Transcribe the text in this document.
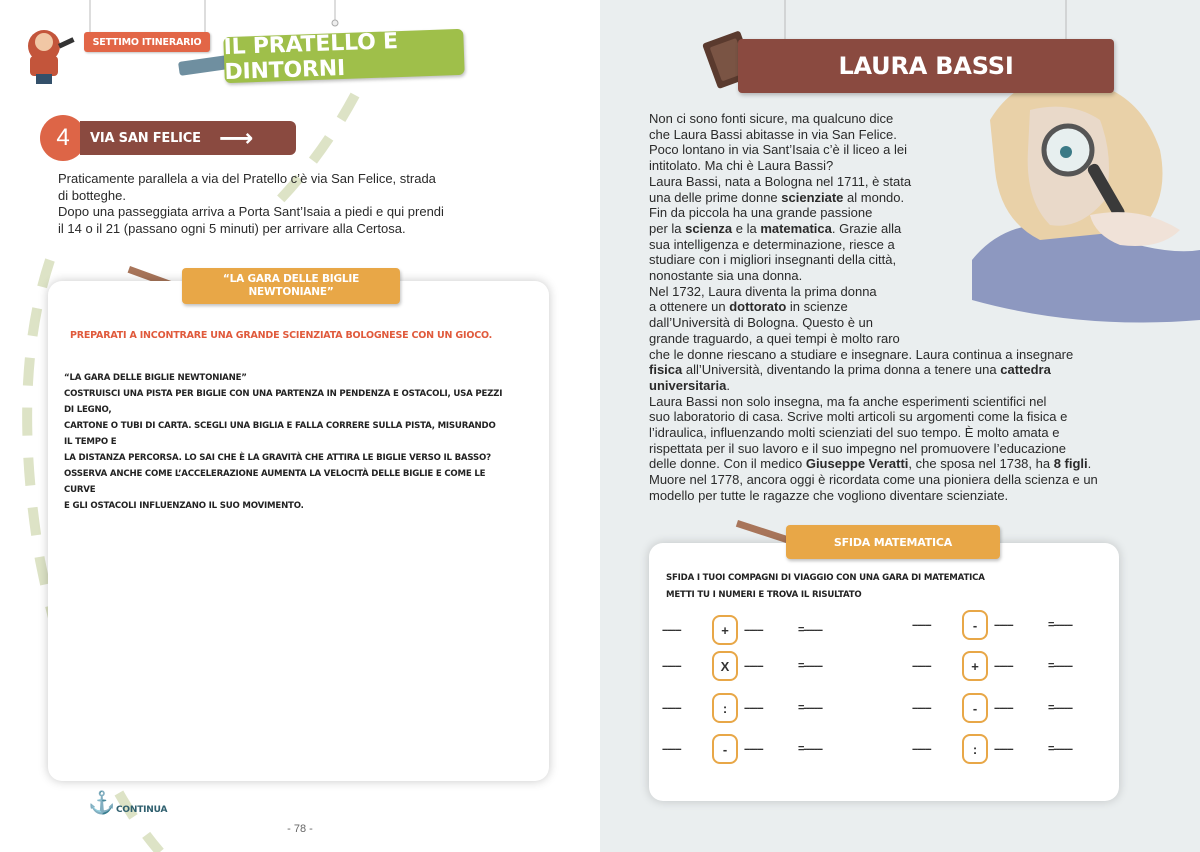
SETTIMO ITINERARIO IL PRATELLO E DINTORNI
4	VIA SAN FELICE ⟶

Praticamente parallela a via del Pratello c’è via San Felice, strada

di botteghe.

Dopo una passeggiata arriva a Porta Sant’Isaia a piedi e qui prendi

il 14 o il 21 (passano ogni 5 minuti) per arrivare alla Certosa.

“LA GARA DELLE BIGLIE
NEWTONIANE”
PREPARATI A INCONTRARE UNA GRANDE SCIENZIATA BOLOGNESE CON UN GIOCO.

“LA GARA DELLE BIGLIE NEWTONIANE”

COSTRUISCI UNA PISTA PER BIGLIE CON UNA PARTENZA IN PENDENZA E OSTACOLI, USA PEZZI DI LEGNO,

CARTONE O TUBI DI CARTA. SCEGLI UNA BIGLIA E FALLA CORRERE SULLA PISTA, MISURANDO IL TEMPO E

LA DISTANZA PERCORSA. LO SAI CHE È LA GRAVITÀ CHE ATTIRA LE BIGLIE VERSO IL BASSO?

OSSERVA ANCHE COME L’ACCELERAZIONE AUMENTA LA VELOCITÀ DELLE BIGLIE E COME LE CURVE

E GLI OSTACOLI INFLUENZANO IL SUO MOVIMENTO.

⚓ CONTINUA
- 78 -
LAURA BASSI
Non ci sono fonti sicure, ma qualcuno dice
che Laura Bassi abitasse in via San Felice.
Poco lontano in via Sant’Isaia c’è il liceo a lei
intitolato. Ma chi è Laura Bassi?
Laura Bassi, nata a Bologna nel 1711, è stata
una delle prime donne scienziate al mondo.
Fin da piccola ha una grande passione
per la scienza e la matematica. Grazie alla
sua intelligenza e determinazione, riesce a
studiare con i migliori insegnanti della città,
nonostante sia una donna.
Nel 1732, Laura diventa la prima donna
a ottenere un dottorato in scienze
dall’Università di Bologna. Questo è un
grande traguardo, a quei tempi è molto raro
che le donne riescano a studiare e insegnare. Laura continua a insegnare
fisica all’Università, diventando la prima donna a tenere una cattedra
universitaria.
Laura Bassi non solo insegna, ma fa anche esperimenti scientifici nel
suo laboratorio di casa. Scrive molti articoli su argomenti come la fisica e
l’idraulica, influenzando molti scienziati del suo tempo. È molto amata e
rispettata per il suo lavoro e il suo impegno nel promuovere l’educazione
delle donne. Con il medico Giuseppe Veratti, che sposa nel 1738, ha 8 figli.
Muore nel 1778, ancora oggi è ricordata come una pioniera della scienza e un
modello per tutte le ragazze che vogliono diventare scienziate.
SFIDA MATEMATICA
SFIDA I TUOI COMPAGNI DI VIAGGIO CON UNA GARA DI MATEMATICA
METTI TU I NUMERI E TROVA IL RISULTATO
-------	+	-------	=-------
-------	X	-------	=-------
-------	:	-------	=-------
-------	-	-------	=-------
-------	-	-------	=-------
-------	+	-------	=-------
-------	-	-------	=-------
-------	:	-------	=-------
